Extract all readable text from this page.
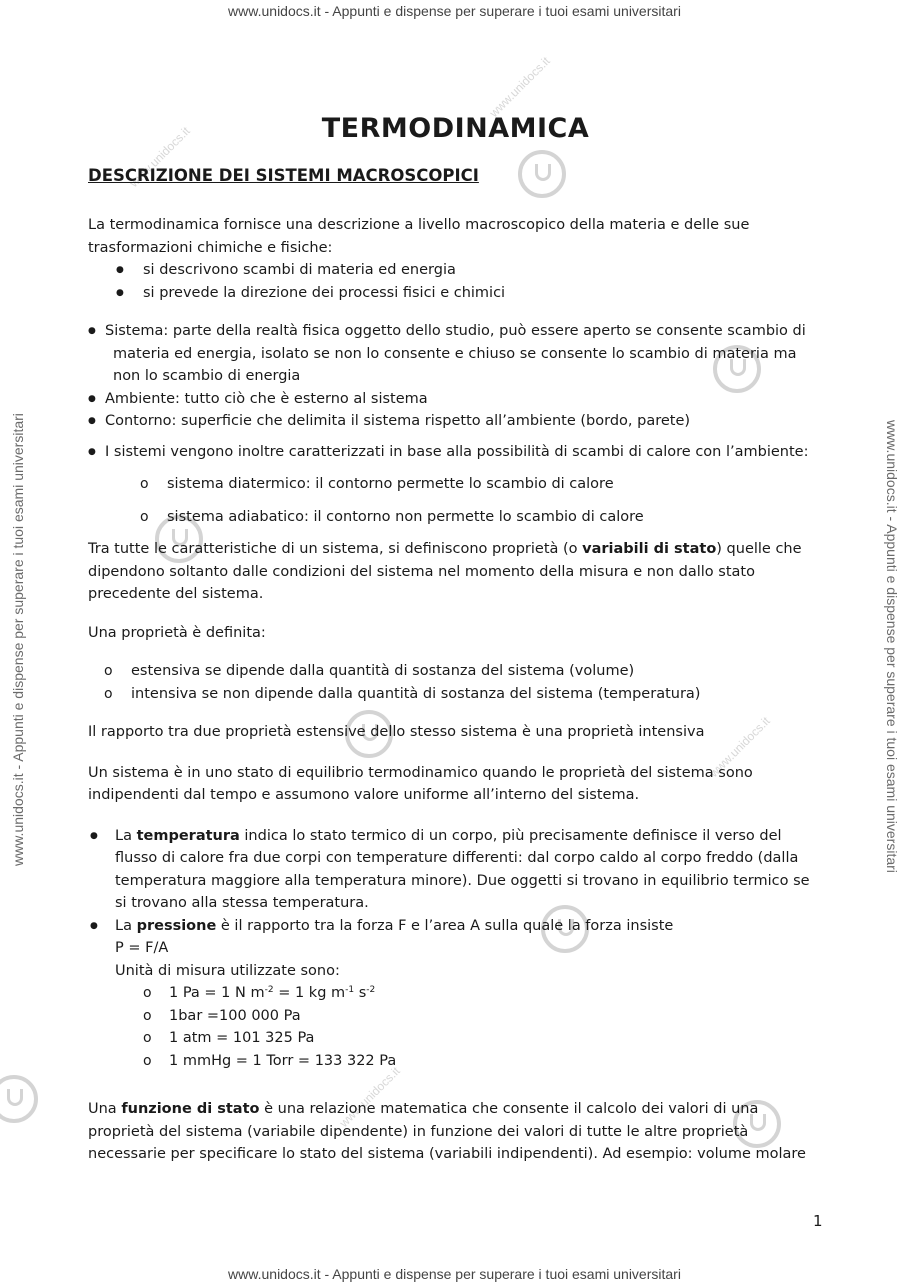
www.unidocs.it - Appunti e dispense per superare i tuoi esami universitari
www.unidocs.it - Appunti e dispense per superare i tuoi esami universitari
www.unidocs.it - Appunti e dispense per superare i tuoi esami universitari	www.unidocs.it - Appunti e dispense per superare i tuoi esami universitari
www.unidocs.it
www.unidocs.it
www.unidocs.it
www.unidocs.it
TERMODINAMICA
DESCRIZIONE DEI SISTEMI MACROSCOPICI

La termodinamica fornisce una descrizione a livello macroscopico della materia e delle sue trasformazioni chimiche e fisiche:

● si descrivono scambi di materia ed energia
● si prevede la direzione dei processi fisici e chimici
● Sistema: parte della realtà fisica oggetto dello studio, può essere aperto se consente scambio di materia ed energia, isolato se non lo consente e chiuso se consente lo scambio di materia ma non lo scambio di energia
● Ambiente: tutto ciò che è esterno al sistema
● Contorno: superficie che delimita il sistema rispetto all’ambiente (bordo, parete)
● I sistemi vengono inoltre caratterizzati in base alla possibilità di scambi di calore con l’ambiente:
o sistema diatermico: il contorno permette lo scambio di calore
o sistema adiabatico: il contorno non permette lo scambio di calore

Tra tutte le caratteristiche di un sistema, si definiscono proprietà (o variabili di stato) quelle che dipendono soltanto dalle condizioni del sistema nel momento della misura e non dallo stato precedente del sistema.

Una proprietà è definita:

o estensiva se dipende dalla quantità di sostanza del sistema (volume)
o intensiva se non dipende dalla quantità di sostanza del sistema (temperatura)

Il rapporto tra due proprietà estensive dello stesso sistema è una proprietà intensiva

Un sistema è in uno stato di equilibrio termodinamico quando le proprietà del sistema sono indipendenti dal tempo e assumono valore uniforme all’interno del sistema.

● La temperatura indica lo stato termico di un corpo, più precisamente definisce il verso del flusso di calore fra due corpi con temperature differenti: dal corpo caldo al corpo freddo (dalla temperatura maggiore alla temperatura minore). Due oggetti si trovano in equilibrio termico se si trovano alla stessa temperatura.
● La pressione è il rapporto tra la forza F e l’area A sulla quale la forza insiste
P = F/A
Unità di misura utilizzate sono:
o 1 Pa = 1 N $m^{-2} = 1$ kg $m^{-1}$ $s^{-2}$
o 1bar =100 000 Pa
o 1 atm = 101 325 Pa
o 1 mmHg = 1 Torr = 133 322 Pa

Una funzione di stato è una relazione matematica che consente il calcolo dei valori di una proprietà del sistema (variabile dipendente) in funzione dei valori di tutte le altre proprietà necessarie per specificare lo stato del sistema (variabili indipendenti). Ad esempio: volume molare

1
